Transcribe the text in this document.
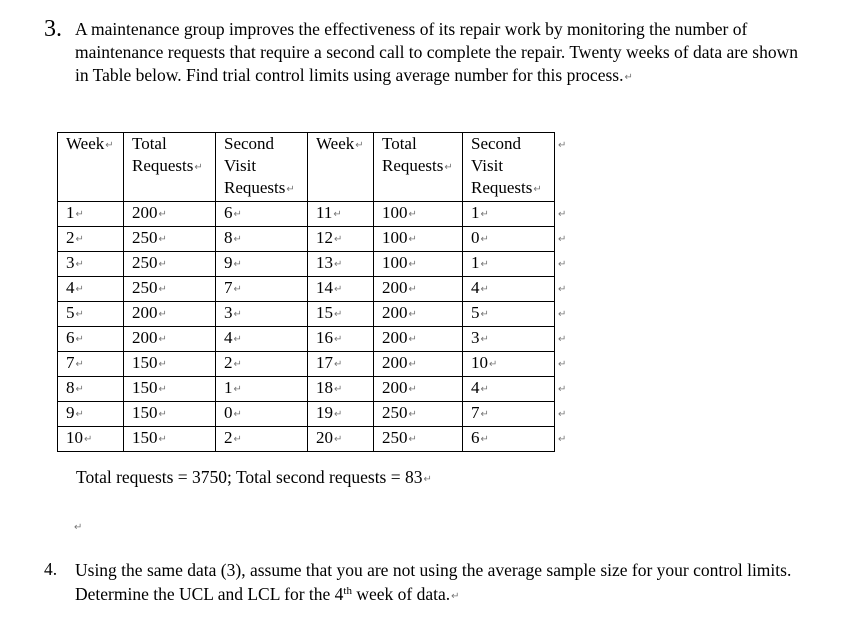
3. A maintenance group improves the effectiveness of its repair work by monitoring the number of maintenance requests that require a second call to complete the repair. Twenty weeks of data are shown in Table below. Find trial control limits using average number for this process.↵
Week↵	Total Requests↵	Second Visit Requests↵	Week↵	Total Requests↵	Second Visit Requests↵	↵
1↵	200↵	6↵	11↵	100↵	1↵	↵
2↵	250↵	8↵	12↵	100↵	0↵	↵
3↵	250↵	9↵	13↵	100↵	1↵	↵
4↵	250↵	7↵	14↵	200↵	4↵	↵
5↵	200↵	3↵	15↵	200↵	5↵	↵
6↵	200↵	4↵	16↵	200↵	3↵	↵
7↵	150↵	2↵	17↵	200↵	10↵	↵
8↵	150↵	1↵	18↵	200↵	4↵	↵
9↵	150↵	0↵	19↵	250↵	7↵	↵
10↵	150↵	2↵	20↵	250↵	6↵	↵
Total requests = 3750; Total second requests = 83↵
↵
4. Using the same data (3), assume that you are not using the average sample size for your control limits. Determine the UCL and LCL for the 4th week of data.↵
